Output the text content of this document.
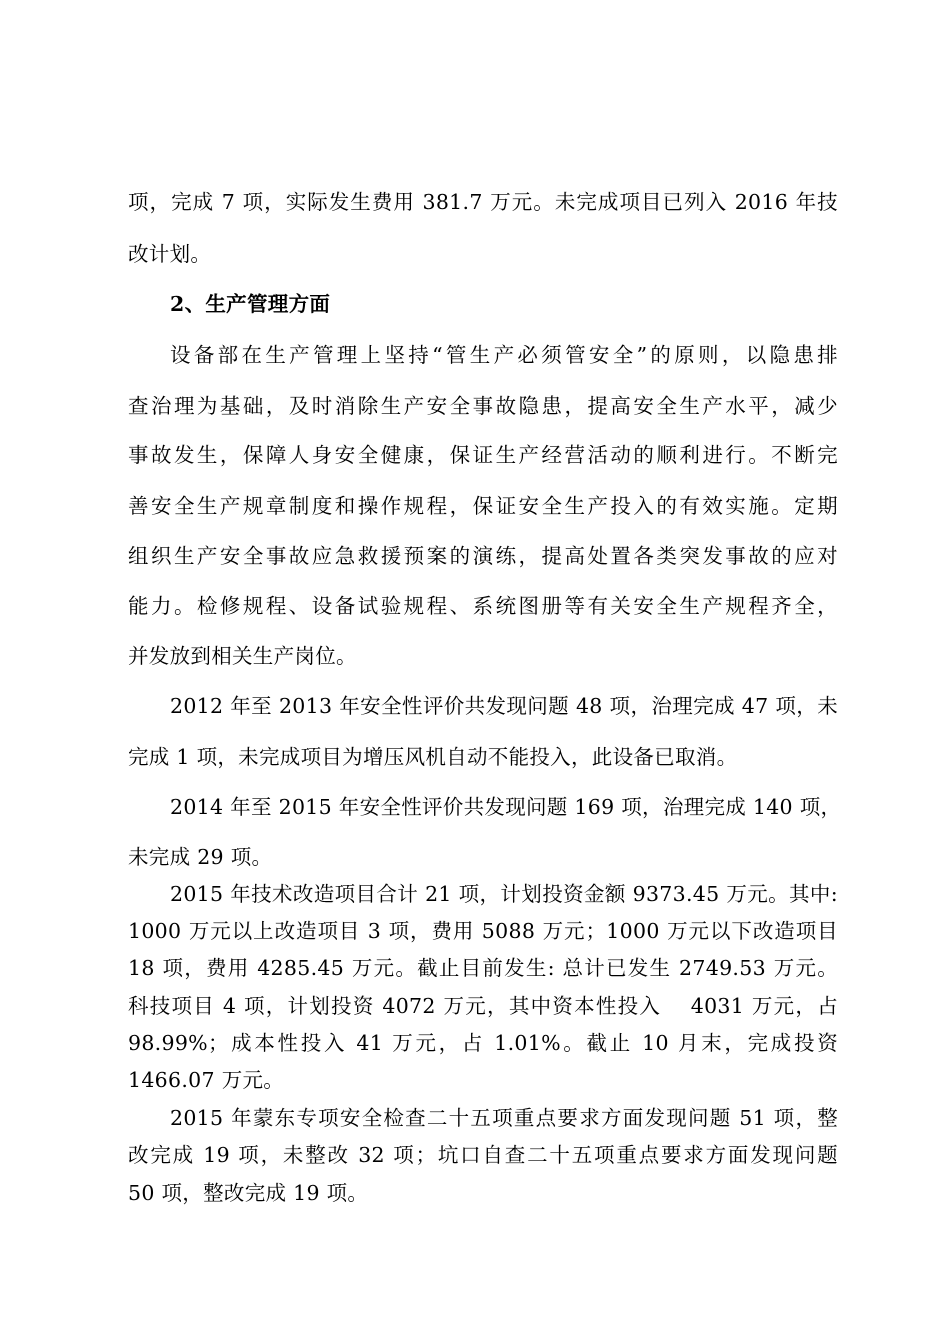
项，完成 7 项，实际发生费用 381.7 万元。未完成项目已列入 2016 年技
改计划。
2、生产管理方面
设备部在生产管理上坚持“管生产必须管安全”的原则，以隐患排
查治理为基础，及时消除生产安全事故隐患，提高安全生产水平，减少
事故发生，保障人身安全健康，保证生产经营活动的顺利进行。不断完
善安全生产规章制度和操作规程，保证安全生产投入的有效实施。定期
组织生产安全事故应急救援预案的演练，提高处置各类突发事故的应对
能力。检修规程、设备试验规程、系统图册等有关安全生产规程齐全，
并发放到相关生产岗位。
2012 年至 2013 年安全性评价共发现问题 48 项，治理完成 47 项，未
完成 1 项，未完成项目为增压风机自动不能投入，此设备已取消。
2014 年至 2015 年安全性评价共发现问题 169 项，治理完成 140 项，
未完成 29 项。
2015 年技术改造项目合计 21 项，计划投资金额 9373.45 万元。其中:
1000 万元以上改造项目 3 项，费用 5088 万元；1000 万元以下改造项目
18 项，费用 4285.45 万元。截止目前发生: 总计已发生 2749.53 万元。
科技项目 4 项，计划投资 4072 万元，其中资本性投入　 4031 万元，占
98.99%；成本性投入 41 万元，占 1.01%。截止 10 月末，完成投资
1466.07 万元。
2015 年蒙东专项安全检查二十五项重点要求方面发现问题 51 项，整
改完成 19 项，未整改 32 项；坑口自查二十五项重点要求方面发现问题
50 项，整改完成 19 项。
